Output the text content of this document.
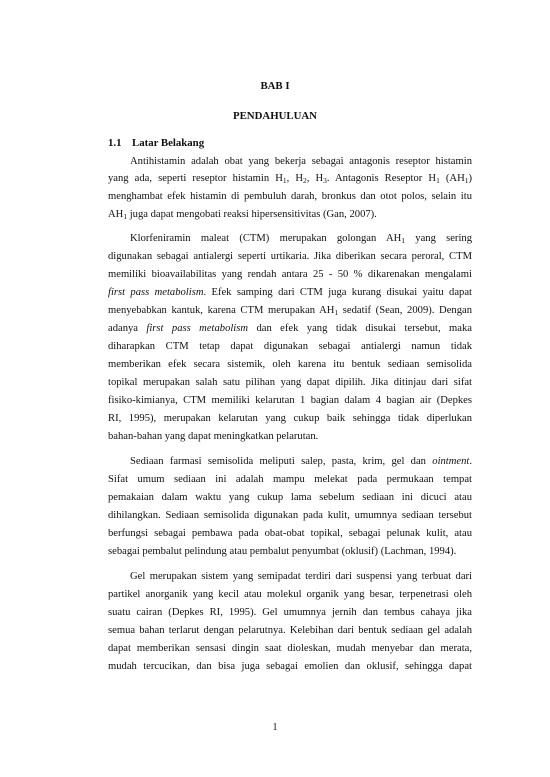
BAB I
PENDAHULUAN
1.1 Latar Belakang
Antihistamin adalah obat yang bekerja sebagai antagonis reseptor histamin
yang ada, seperti reseptor histamin $H_1$, $H_2$, $H_3$. Antagonis Reseptor $H_1$ $(AH_1)$
menghambat efek histamin di pembuluh darah, bronkus dan otot polos, selain itu
$AH_1$ juga dapat mengobati reaksi hipersensitivitas (Gan, 2007).
Klorfeniramin maleat (CTM) merupakan golongan $AH_1$ yang sering
digunakan sebagai antialergi seperti urtikaria. Jika diberikan secara peroral, CTM
memiliki bioavailabilitas yang rendah antara 25 - 50 % dikarenakan mengalami
first pass metabolism. Efek samping dari CTM juga kurang disukai yaitu dapat
menyebabkan kantuk, karena CTM merupakan $AH_1$ sedatif (Sean, 2009). Dengan
adanya first pass metabolism dan efek yang tidak disukai tersebut, maka
diharapkan CTM tetap dapat digunakan sebagai antialergi namun tidak
memberikan efek secara sistemik, oleh karena itu bentuk sediaan semisolida
topikal merupakan salah satu pilihan yang dapat dipilih. Jika ditinjau dari sifat
fisiko-kimianya, CTM memiliki kelarutan 1 bagian dalam 4 bagian air (Depkes
RI, 1995), merupakan kelarutan yang cukup baik sehingga tidak diperlukan
bahan-bahan yang dapat meningkatkan pelarutan.
Sediaan farmasi semisolida meliputi salep, pasta, krim, gel dan ointment.
Sifat umum sediaan ini adalah mampu melekat pada permukaan tempat
pemakaian dalam waktu yang cukup lama sebelum sediaan ini dicuci atau
dihilangkan. Sediaan semisolida digunakan pada kulit, umumnya sediaan tersebut
berfungsi sebagai pembawa pada obat-obat topikal, sebagai pelunak kulit, atau
sebagai pembalut pelindung atau pembalut penyumbat (oklusif) (Lachman, 1994).
Gel merupakan sistem yang semipadat terdiri dari suspensi yang terbuat dari
partikel anorganik yang kecil atau molekul organik yang besar, terpenetrasi oleh
suatu cairan (Depkes RI, 1995). Gel umumnya jernih dan tembus cahaya jika
semua bahan terlarut dengan pelarutnya. Kelebihan dari bentuk sediaan gel adalah
dapat memberikan sensasi dingin saat dioleskan, mudah menyebar dan merata,
mudah tercucikan, dan bisa juga sebagai emolien dan oklusif, sehingga dapat
1
